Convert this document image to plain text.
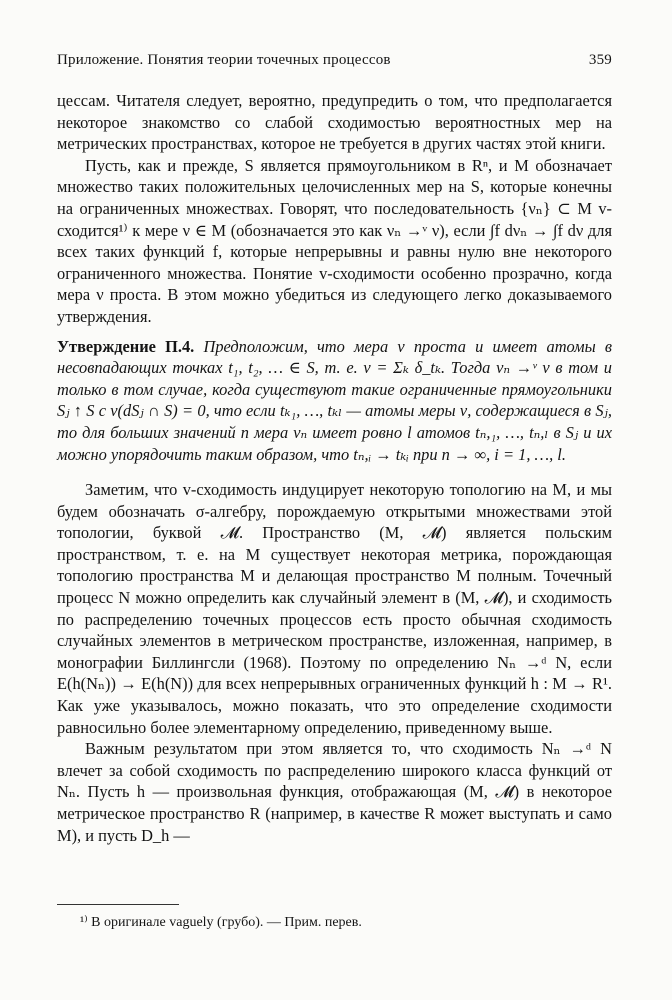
Приложение. Понятия теории точечных процессов	359

цессам. Читателя следует, вероятно, предупредить о том, что предполагается некоторое знакомство со слабой сходимостью вероятностных мер на метрических пространствах, которое не требуется в других частях этой книги.

Пусть, как и прежде, S является прямоугольником в Rⁿ, и M обозначает множество таких положительных целочисленных мер на S, которые конечны на ограниченных множествах. Говорят, что последовательность {νₙ} ⊂ M v-сходится¹⁾ к мере ν ∈ M (обозначается это как νₙ →ᵛ ν), если ∫f dνₙ → ∫f dν для всех таких функций f, которые непрерывны и равны нулю вне некоторого ограниченного множества. Понятие v-сходимости особенно прозрачно, когда мера ν проста. В этом можно убедиться из следующего легко доказываемого утверждения.

Утверждение П.4. Предположим, что мера ν проста и имеет атомы в несовпадающих точках t₁, t₂, … ∈ S, т. е. ν = Σₖ δ_tₖ. Тогда νₙ →ᵛ ν в том и только в том случае, когда существуют такие ограниченные прямоугольники Sⱼ ↑ S с ν(dSⱼ ∩ S) = 0, что если tₖ₁, …, tₖₗ — атомы меры ν, содержащиеся в Sⱼ, то для больших значений n мера νₙ имеет ровно l атомов tₙ,₁, …, tₙ,ₗ в Sⱼ и их можно упорядочить таким образом, что tₙ,ᵢ → tₖᵢ при n → ∞, i = 1, …, l.

Заметим, что v-сходимость индуцирует некоторую топологию на M, и мы будем обозначать σ-алгебру, порождаемую открытыми множествами этой топологии, буквой 𝓜. Пространство (M, 𝓜) является польским пространством, т. е. на M существует некоторая метрика, порождающая топологию пространства M и делающая пространство M полным. Точечный процесс N можно определить как случайный элемент в (M, 𝓜), и сходимость по распределению точечных процессов есть просто обычная сходимость случайных элементов в метрическом пространстве, изложенная, например, в монографии Биллингсли (1968). Поэтому по определению Nₙ →ᵈ N, если E(h(Nₙ)) → E(h(N)) для всех непрерывных ограниченных функций h : M → R¹. Как уже указывалось, можно показать, что это определение сходимости равносильно более элементарному определению, приведенному выше.

Важным результатом при этом является то, что сходимость Nₙ →ᵈ N влечет за собой сходимость по распределению широкого класса функций от Nₙ. Пусть h — произвольная функция, отображающая (M, 𝓜) в некоторое метрическое пространство R (например, в качестве R может выступать и само M), и пусть D_h —

¹⁾ В оригинале vaguely (грубо). — Прим. перев.
